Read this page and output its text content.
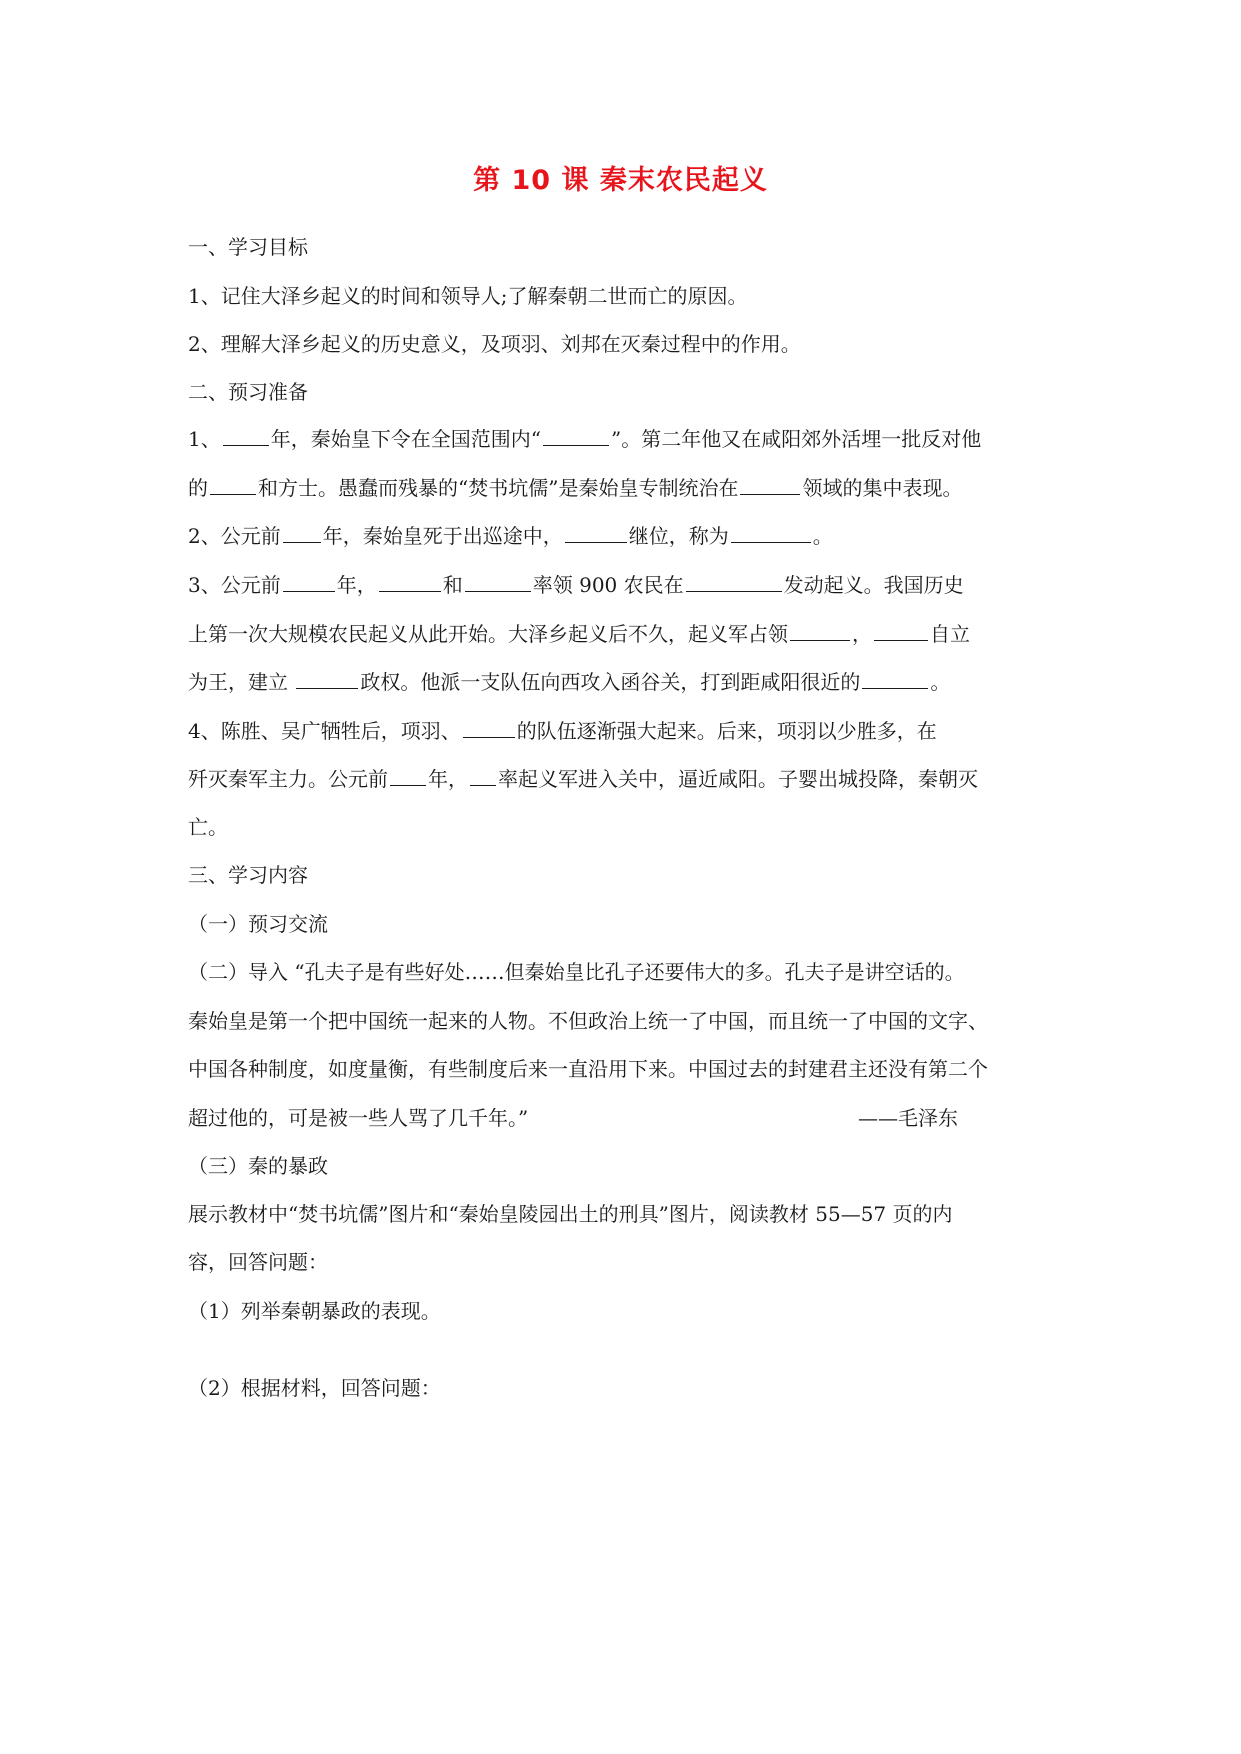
第 10 课 秦末农民起义
一、学习目标
1、记住大泽乡起义的时间和领导人;了解秦朝二世而亡的原因。
2、理解大泽乡起义的历史意义，及项羽、刘邦在灭秦过程中的作用。
二、预习准备
1、	年，秦始皇下令在全国范围内“	”。第二年他又在咸阳郊外活埋一批反对他
的	和方士。愚蠢而残暴的“焚书坑儒”是秦始皇专制统治在	领域的集中表现。
2、公元前 年，秦始皇死于出巡途中，	继位，称为	。
3、公元前	年，	和	率领 900 农民在	发动起义。我国历史
上第一次大规模农民起义从此开始。大泽乡起义后不久，起义军占领	，	自立
为王，建立	政权。他派一支队伍向西攻入函谷关，打到距咸阳很近的	。
4、陈胜、吴广牺牲后，项羽、	的队伍逐渐强大起来。后来，项羽以少胜多，在
歼灭秦军主力。公元前 年， 率起义军进入关中，逼近咸阳。子婴出城投降，秦朝灭
亡。
三、学习内容
（一）预习交流
（二）导入 “孔夫子是有些好处……但秦始皇比孔子还要伟大的多。孔夫子是讲空话的。
秦始皇是第一个把中国统一起来的人物。不但政治上统一了中国，而且统一了中国的文字、
中国各种制度，如度量衡，有些制度后来一直沿用下来。中国过去的封建君主还没有第二个
超过他的，可是被一些人骂了几千年。”	——毛泽东
（三）秦的暴政
展示教材中“焚书坑儒”图片和“秦始皇陵园出土的刑具”图片，阅读教材 55—57 页的内
容，回答问题：
（1）列举秦朝暴政的表现。
（2）根据材料，回答问题：
